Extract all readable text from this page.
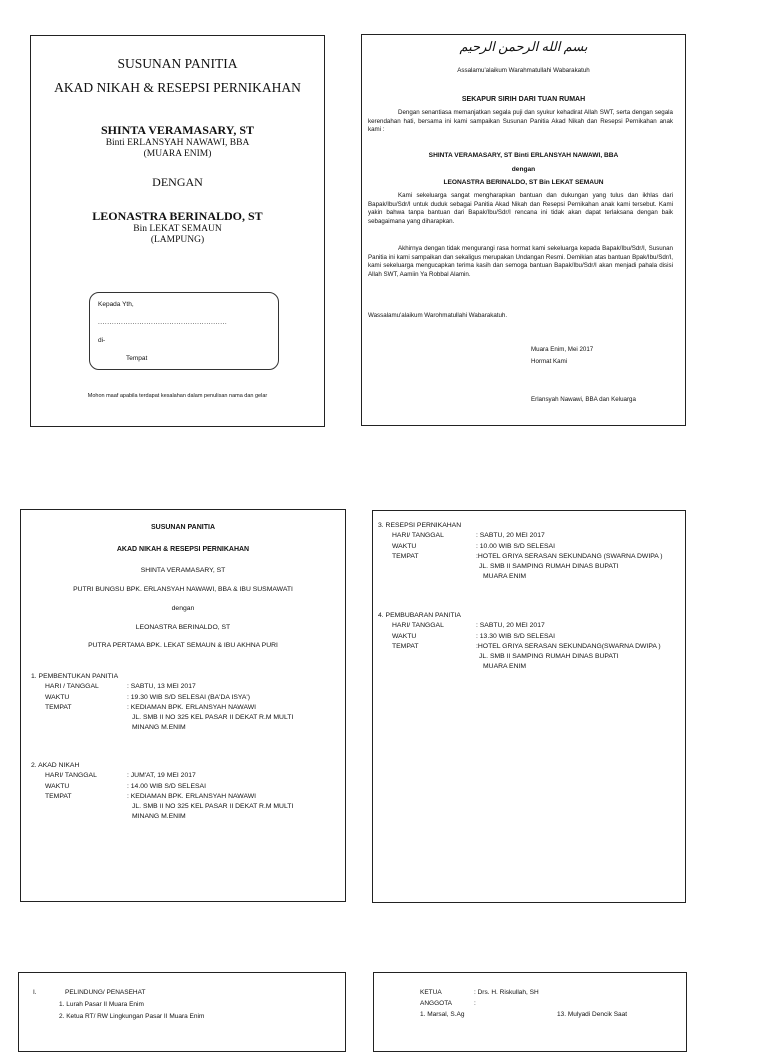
SUSUNAN PANITIA
AKAD NIKAH & RESEPSI PERNIKAHAN
SHINTA VERAMASARY, ST
Binti ERLANSYAH NAWAWI, BBA
(MUARA ENIM)
DENGAN
LEONASTRA BERINALDO, ST
Bin LEKAT SEMAUN
(LAMPUNG)
Kepada Yth,
........................................................
di-
Tempat
Mohon maaf apabila terdapat kesalahan dalam penulisan nama dan gelar
بسم الله الرحمن الرحيم
Assalamu'alaikum Warahmatullahi Wabarakatuh
SEKAPUR SIRIH DARI TUAN RUMAH
Dengan senantiasa memanjatkan segala puji dan syukur kehadirat Allah SWT, serta dengan segala kerendahan hati, bersama ini kami sampaikan Susunan Panitia Akad Nikah dan Resepsi Pernikahan anak kami :
SHINTA VERAMASARY, ST Binti ERLANSYAH NAWAWI, BBA
dengan
LEONASTRA BERINALDO, ST Bin LEKAT SEMAUN
Kami sekeluarga sangat mengharapkan bantuan dan dukungan yang tulus dan ikhlas dari Bapak/Ibu/Sdr/I untuk duduk sebagai Panitia Akad Nikah dan Resepsi Pernikahan anak kami tersebut. Kami yakin bahwa tanpa bantuan dari Bapak/Ibu/Sdr/I rencana ini tidak akan dapat terlaksana dengan baik sebagaimana yang diharapkan.
Akhirnya dengan tidak mengurangi rasa hormat kami sekeluarga kepada Bapak/Ibu/Sdr/I, Susunan Panitia ini kami sampaikan dan sekaligus merupakan Undangan Resmi. Demikian atas bantuan Bpak/Ibu/Sdr/I, kami sekeluarga mengucapkan terima kasih dan semoga bantuan Bapak/Ibu/Sdr/I akan menjadi pahala disisi Allah SWT, Aamiin Ya Robbal Alamin.
Wassalamu'alaikum Warohmatullahi Wabarakatuh.
Muara Enim, Mei 2017
Hormat Kami
Erlansyah Nawawi, BBA dan Keluarga
SUSUNAN PANITIA
AKAD NIKAH & RESEPSI PERNIKAHAN
SHINTA VERAMASARY, ST
PUTRI BUNGSU BPK. ERLANSYAH NAWAWI, BBA & IBU SUSMAWATI
dengan
LEONASTRA BERINALDO, ST
PUTRA PERTAMA BPK. LEKAT SEMAUN & IBU AKHNA PURI
1. PEMBENTUKAN PANITIA
HARI / TANGGAL	: SABTU, 13 MEI 2017
WAKTU	: 19.30 WIB S/D SELESAI (BA'DA ISYA')
TEMPAT	: KEDIAMAN BPK. ERLANSYAH NAWAWI
JL. SMB II NO 325 KEL PASAR II DEKAT R.M MULTI
MINANG M.ENIM
2. AKAD NIKAH
HARI/ TANGGAL	: JUM'AT, 19 MEI 2017
WAKTU	: 14.00 WIB S/D SELESAI
TEMPAT	: KEDIAMAN BPK. ERLANSYAH NAWAWI
JL. SMB II NO 325 KEL PASAR II DEKAT R.M MULTI
MINANG M.ENIM
3. RESEPSI PERNIKAHAN
HARI/ TANGGAL	: SABTU, 20 MEI 2017
WAKTU	: 10.00 WIB S/D SELESAI
TEMPAT	:HOTEL GRIYA SERASAN SEKUNDANG (SWARNA DWIPA )
JL. SMB II SAMPING RUMAH DINAS BUPATI
MUARA ENIM
4. PEMBUBARAN PANITIA
HARI/ TANGGAL	: SABTU, 20 MEI 2017
WAKTU	: 13.30 WIB S/D SELESAI
TEMPAT	:HOTEL GRIYA SERASAN SEKUNDANG(SWARNA DWIPA )
JL. SMB II SAMPING RUMAH DINAS BUPATI
MUARA ENIM
I.	PELINDUNG/ PENASEHAT
1. Lurah Pasar II Muara Enim
2. Ketua RT/ RW Lingkungan Pasar II Muara Enim
KETUA	: Drs. H. Riskullah, SH
ANGGOTA	:
1. Marsal, S.Ag	13. Mulyadi Dencik Saat
